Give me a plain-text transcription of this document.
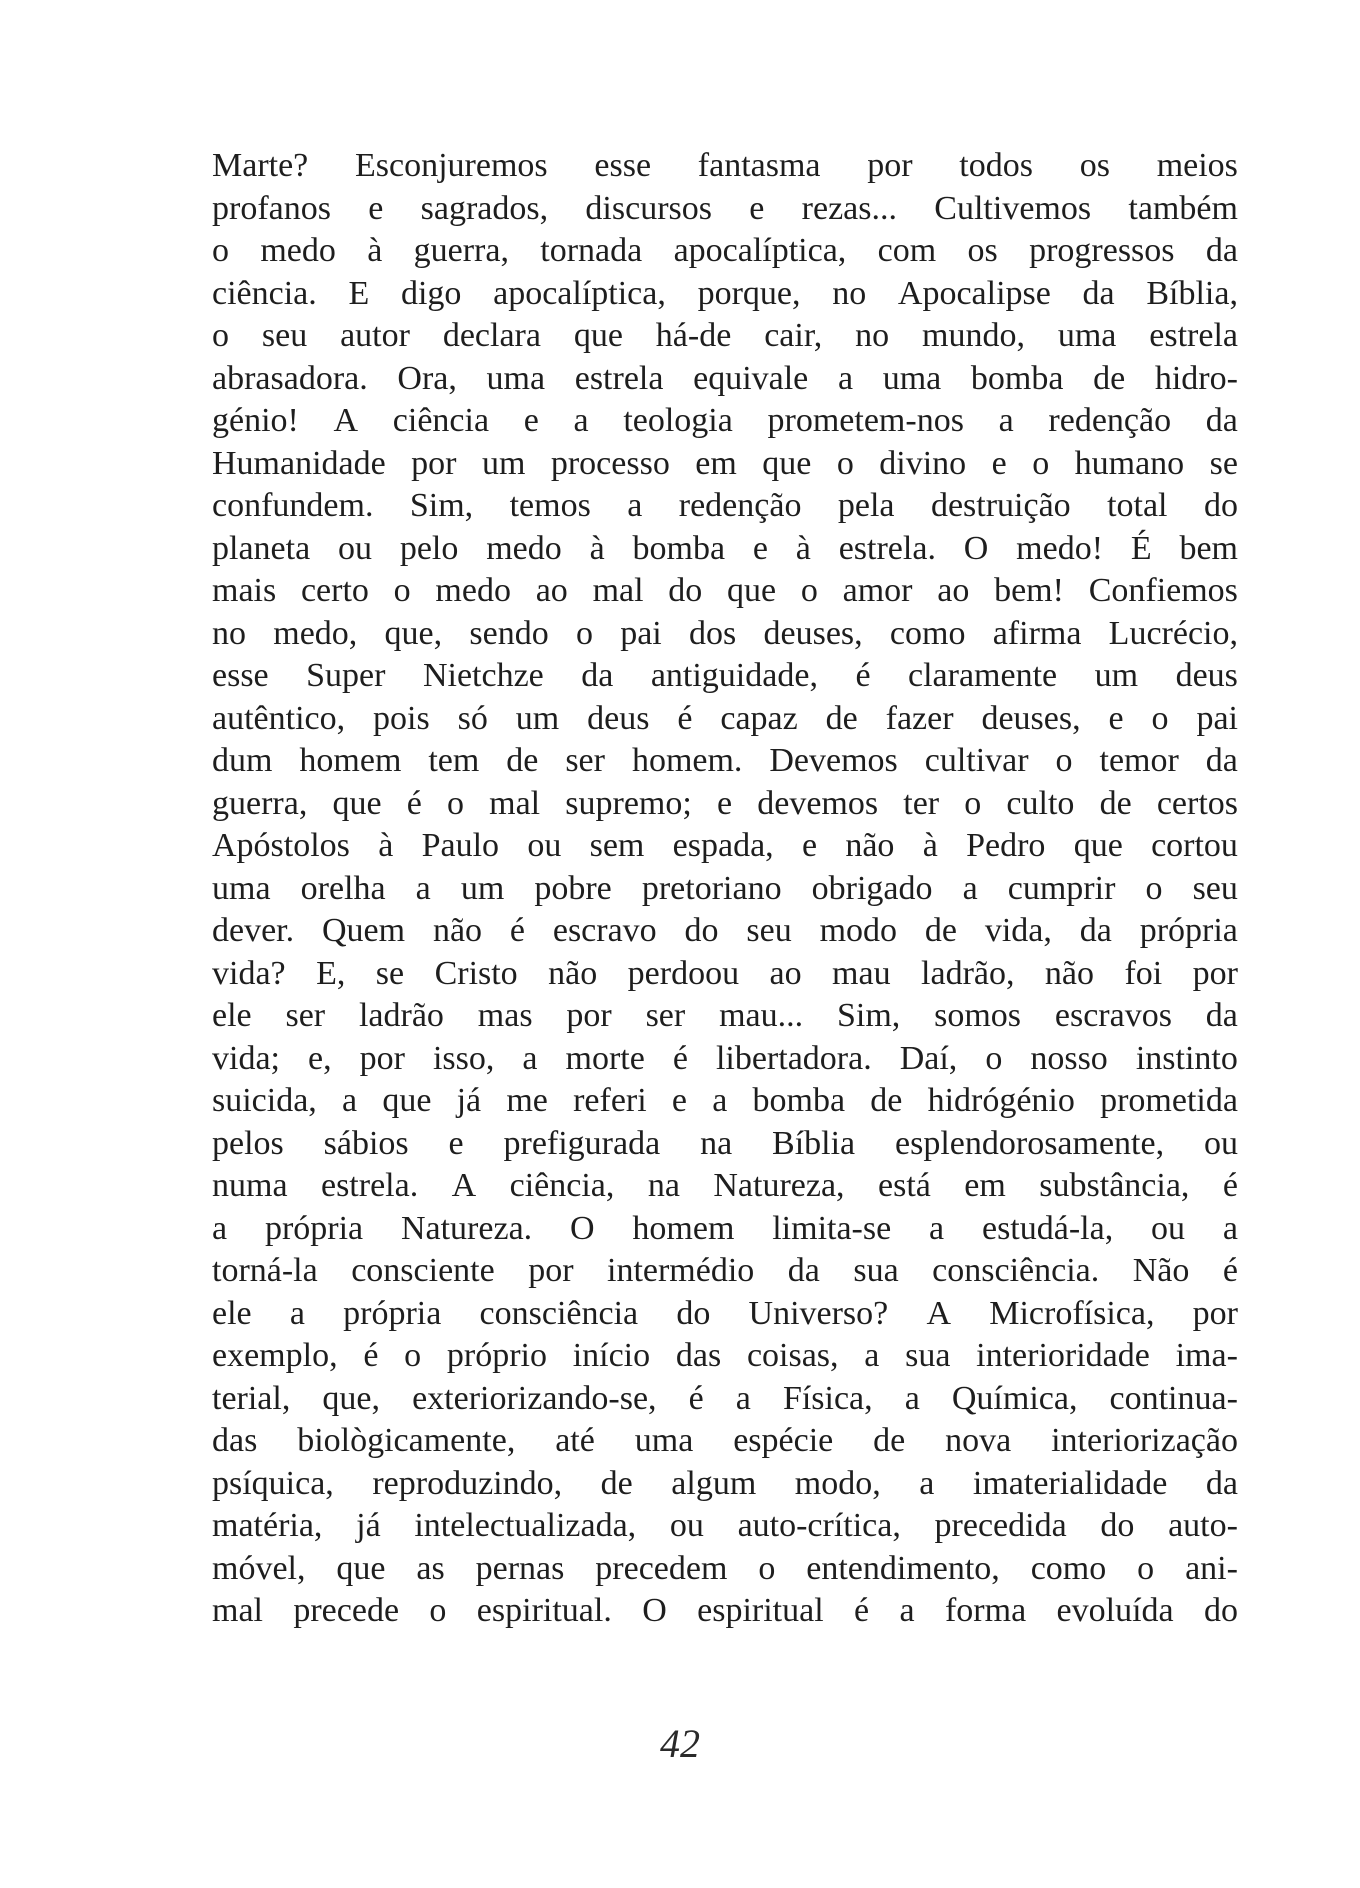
Marte? Esconjuremos esse fantasma por todos os meios
profanos e sagrados, discursos e rezas... Cultivemos também
o medo à guerra, tornada apocalíptica, com os progressos da
ciência. E digo apocalíptica, porque, no Apocalipse da Bíblia,
o seu autor declara que há-de cair, no mundo, uma estrela
abrasadora. Ora, uma estrela equivale a uma bomba de hidro-
génio! A ciência e a teologia prometem-nos a redenção da
Humanidade por um processo em que o divino e o humano se
confundem. Sim, temos a redenção pela destruição total do
planeta ou pelo medo à bomba e à estrela. O medo! É bem
mais certo o medo ao mal do que o amor ao bem! Confiemos
no medo, que, sendo o pai dos deuses, como afirma Lucrécio,
esse Super Nietchze da antiguidade, é claramente um deus
autêntico, pois só um deus é capaz de fazer deuses, e o pai
dum homem tem de ser homem. Devemos cultivar o temor da
guerra, que é o mal supremo; e devemos ter o culto de certos
Apóstolos à Paulo ou sem espada, e não à Pedro que cortou
uma orelha a um pobre pretoriano obrigado a cumprir o seu
dever. Quem não é escravo do seu modo de vida, da própria
vida? E, se Cristo não perdoou ao mau ladrão, não foi por
ele ser ladrão mas por ser mau... Sim, somos escravos da
vida; e, por isso, a morte é libertadora. Daí, o nosso instinto
suicida, a que já me referi e a bomba de hidrógénio prometida
pelos sábios e prefigurada na Bíblia esplendorosamente, ou
numa estrela. A ciência, na Natureza, está em substância, é
a própria Natureza. O homem limita-se a estudá-la, ou a
torná-la consciente por intermédio da sua consciência. Não é
ele a própria consciência do Universo? A Microfísica, por
exemplo, é o próprio início das coisas, a sua interioridade ima-
terial, que, exteriorizando-se, é a Física, a Química, continua-
das biològicamente, até uma espécie de nova interiorização
psíquica, reproduzindo, de algum modo, a imaterialidade da
matéria, já intelectualizada, ou auto-crítica, precedida do auto-
móvel, que as pernas precedem o entendimento, como o ani-
mal precede o espiritual. O espiritual é a forma evoluída do
42
